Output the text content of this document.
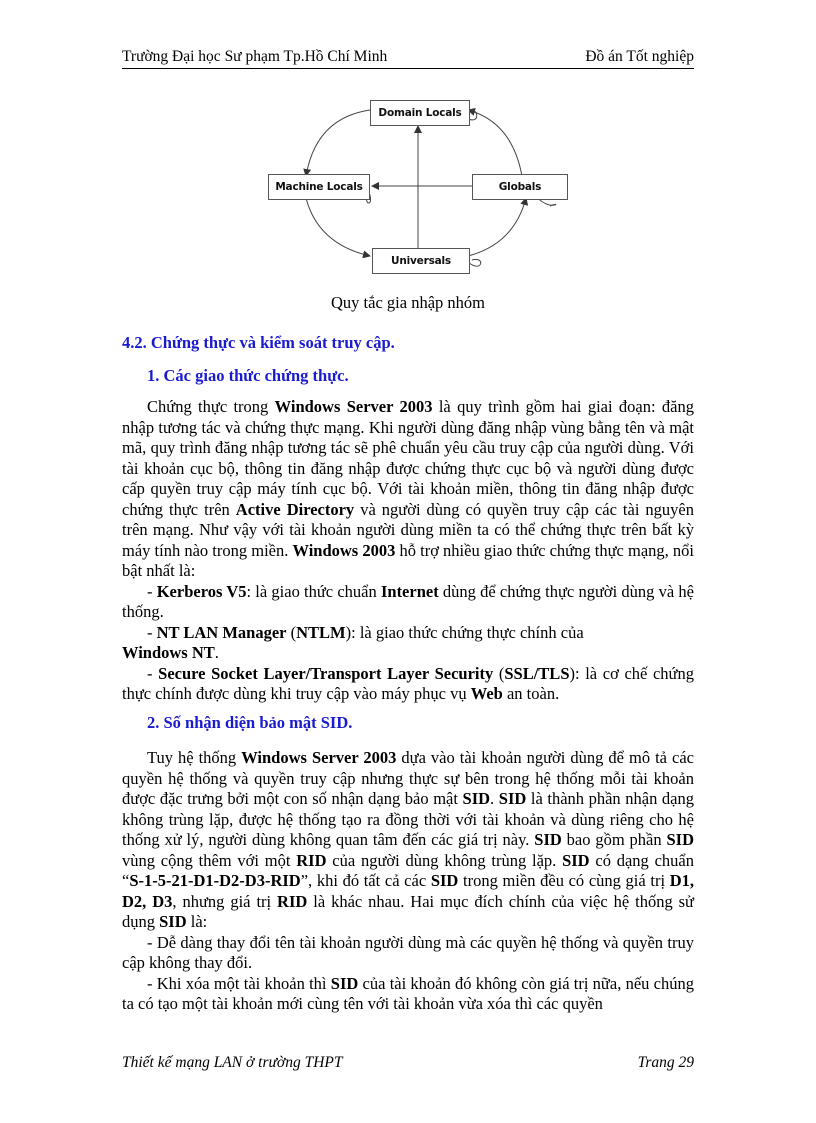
Trường Đại học Sư phạm Tp.Hồ Chí Minh	Đồ án Tốt nghiệp
Domain Locals
Machine Locals	Globals
Universals
Quy tắc gia nhập nhóm
4.2. Chứng thực và kiểm soát truy cập.
1. Các giao thức chứng thực.

Chứng thực trong Windows Server 2003 là quy trình gồm hai giai đoạn: đăng nhập tương tác và chứng thực mạng. Khi người dùng đăng nhập vùng bằng tên và mật mã, quy trình đăng nhập tương tác sẽ phê chuẩn yêu cầu truy cập của người dùng. Với tài khoản cục bộ, thông tin đăng nhập được chứng thực cục bộ và người dùng được cấp quyền truy cập máy tính cục bộ. Với tài khoản miền, thông tin đăng nhập được chứng thực trên Active Directory và người dùng có quyền truy cập các tài nguyên trên mạng. Như vậy với tài khoản người dùng miền ta có thể chứng thực trên bất kỳ máy tính nào trong miền. Windows 2003 hỗ trợ nhiều giao thức chứng thực mạng, nổi bật nhất là:

- Kerberos V5: là giao thức chuẩn Internet dùng để chứng thực người dùng và hệ thống.

- NT LAN Manager (NTLM): là giao thức chứng thực chính của

Windows NT.

- Secure Socket Layer/Transport Layer Security (SSL/TLS): là cơ chế chứng thực chính được dùng khi truy cập vào máy phục vụ Web an toàn.

2. Số nhận diện bảo mật SID.

Tuy hệ thống Windows Server 2003 dựa vào tài khoản người dùng để mô tả các quyền hệ thống và quyền truy cập nhưng thực sự bên trong hệ thống mỗi tài khoản được đặc trưng bởi một con số nhận dạng bảo mật SID. SID là thành phần nhận dạng không trùng lặp, được hệ thống tạo ra đồng thời với tài khoản và dùng riêng cho hệ thống xử lý, người dùng không quan tâm đến các giá trị này. SID bao gồm phần SID vùng cộng thêm với một RID của người dùng không trùng lặp. SID có dạng chuẩn “S-1-5-21-D1-D2-D3-RID”, khi đó tất cả các SID trong miền đều có cùng giá trị D1, D2, D3, nhưng giá trị RID là khác nhau. Hai mục đích chính của việc hệ thống sử dụng SID là:

- Dễ dàng thay đổi tên tài khoản người dùng mà các quyền hệ thống và quyền truy cập không thay đổi.

- Khi xóa một tài khoản thì SID của tài khoản đó không còn giá trị nữa, nếu chúng ta có tạo một tài khoản mới cùng tên với tài khoản vừa xóa thì các quyền

Thiết kế mạng LAN ở trường THPT	Trang 29
